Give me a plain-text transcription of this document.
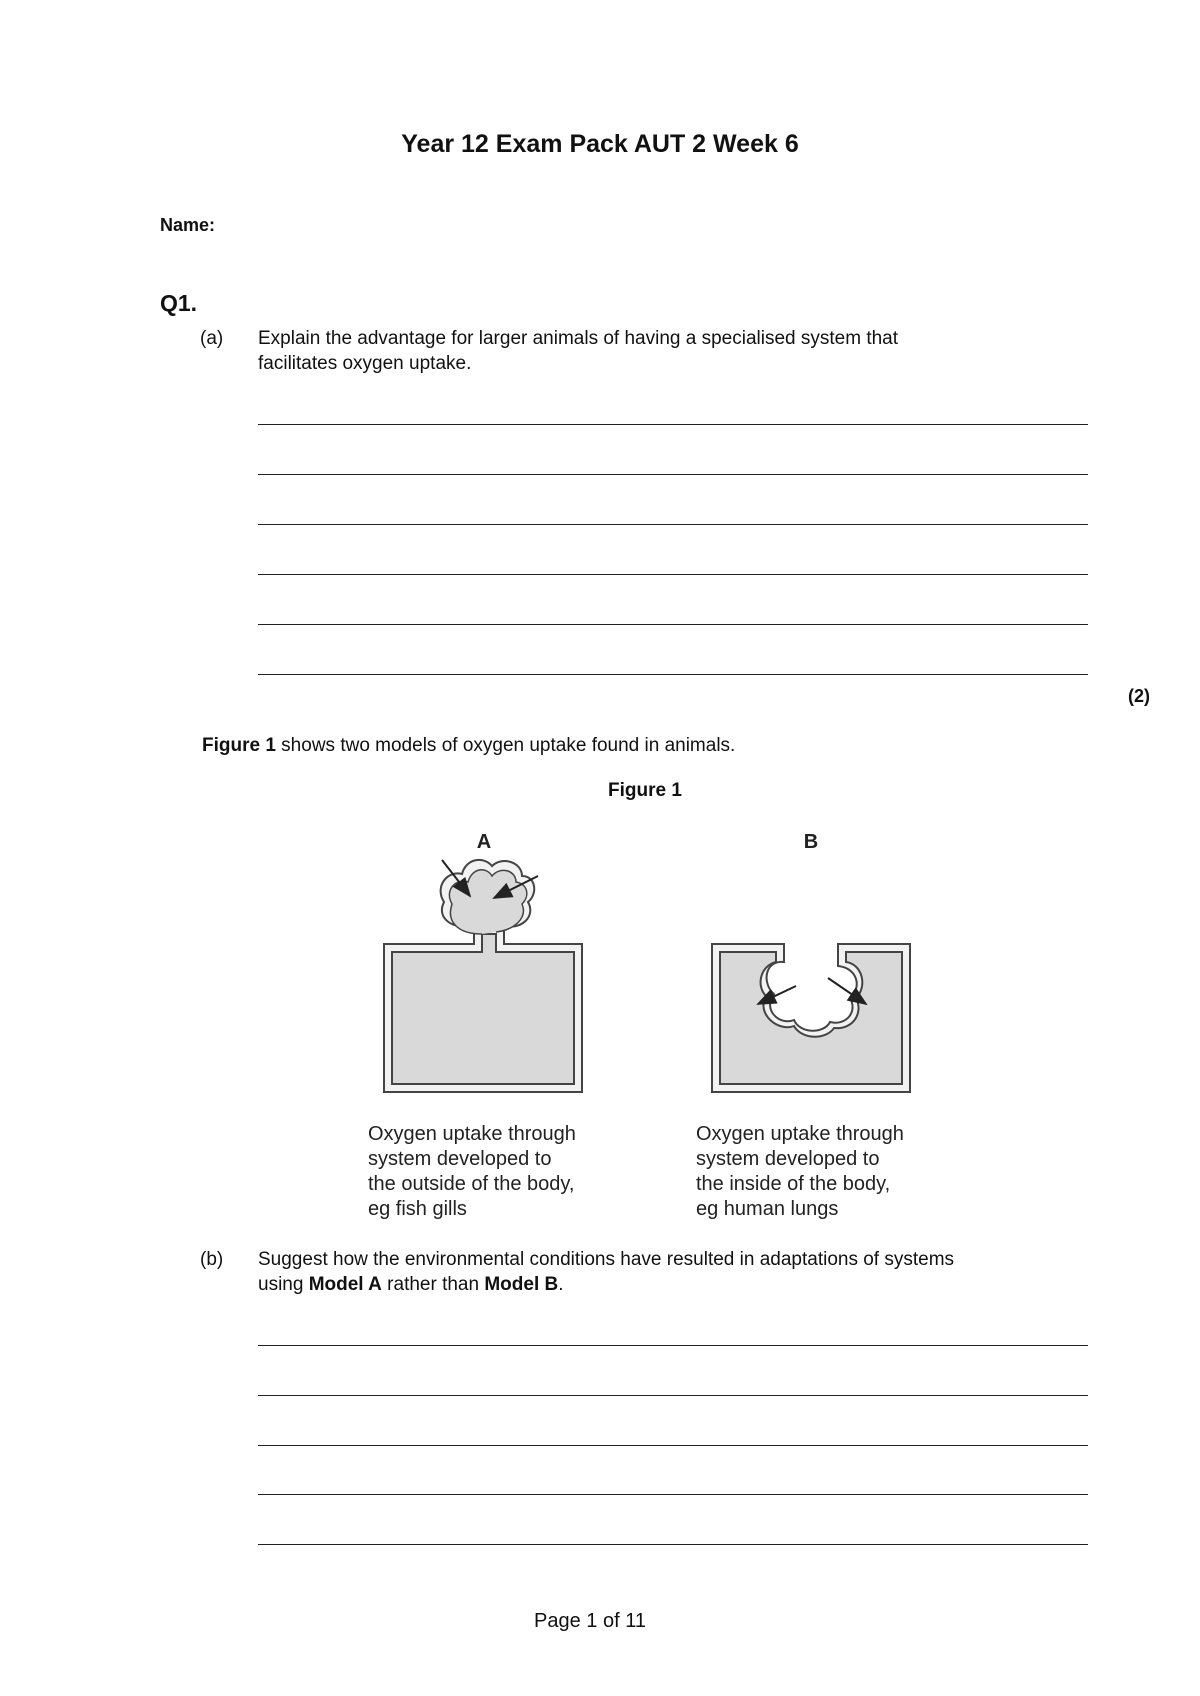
Year 12 Exam Pack AUT 2 Week 6
Name:
Q1.
(a) Explain the advantage for larger animals of having a specialised system that
facilitates oxygen uptake.
(2)
Figure 1 shows two models of oxygen uptake found in animals.
Figure 1
A	B
Oxygen uptake through
system developed to
the outside of the body,
eg fish gills
Oxygen uptake through
system developed to
the inside of the body,
eg human lungs
(b) Suggest how the environmental conditions have resulted in adaptations of systems
using Model A rather than Model B.
Page 1 of 11
